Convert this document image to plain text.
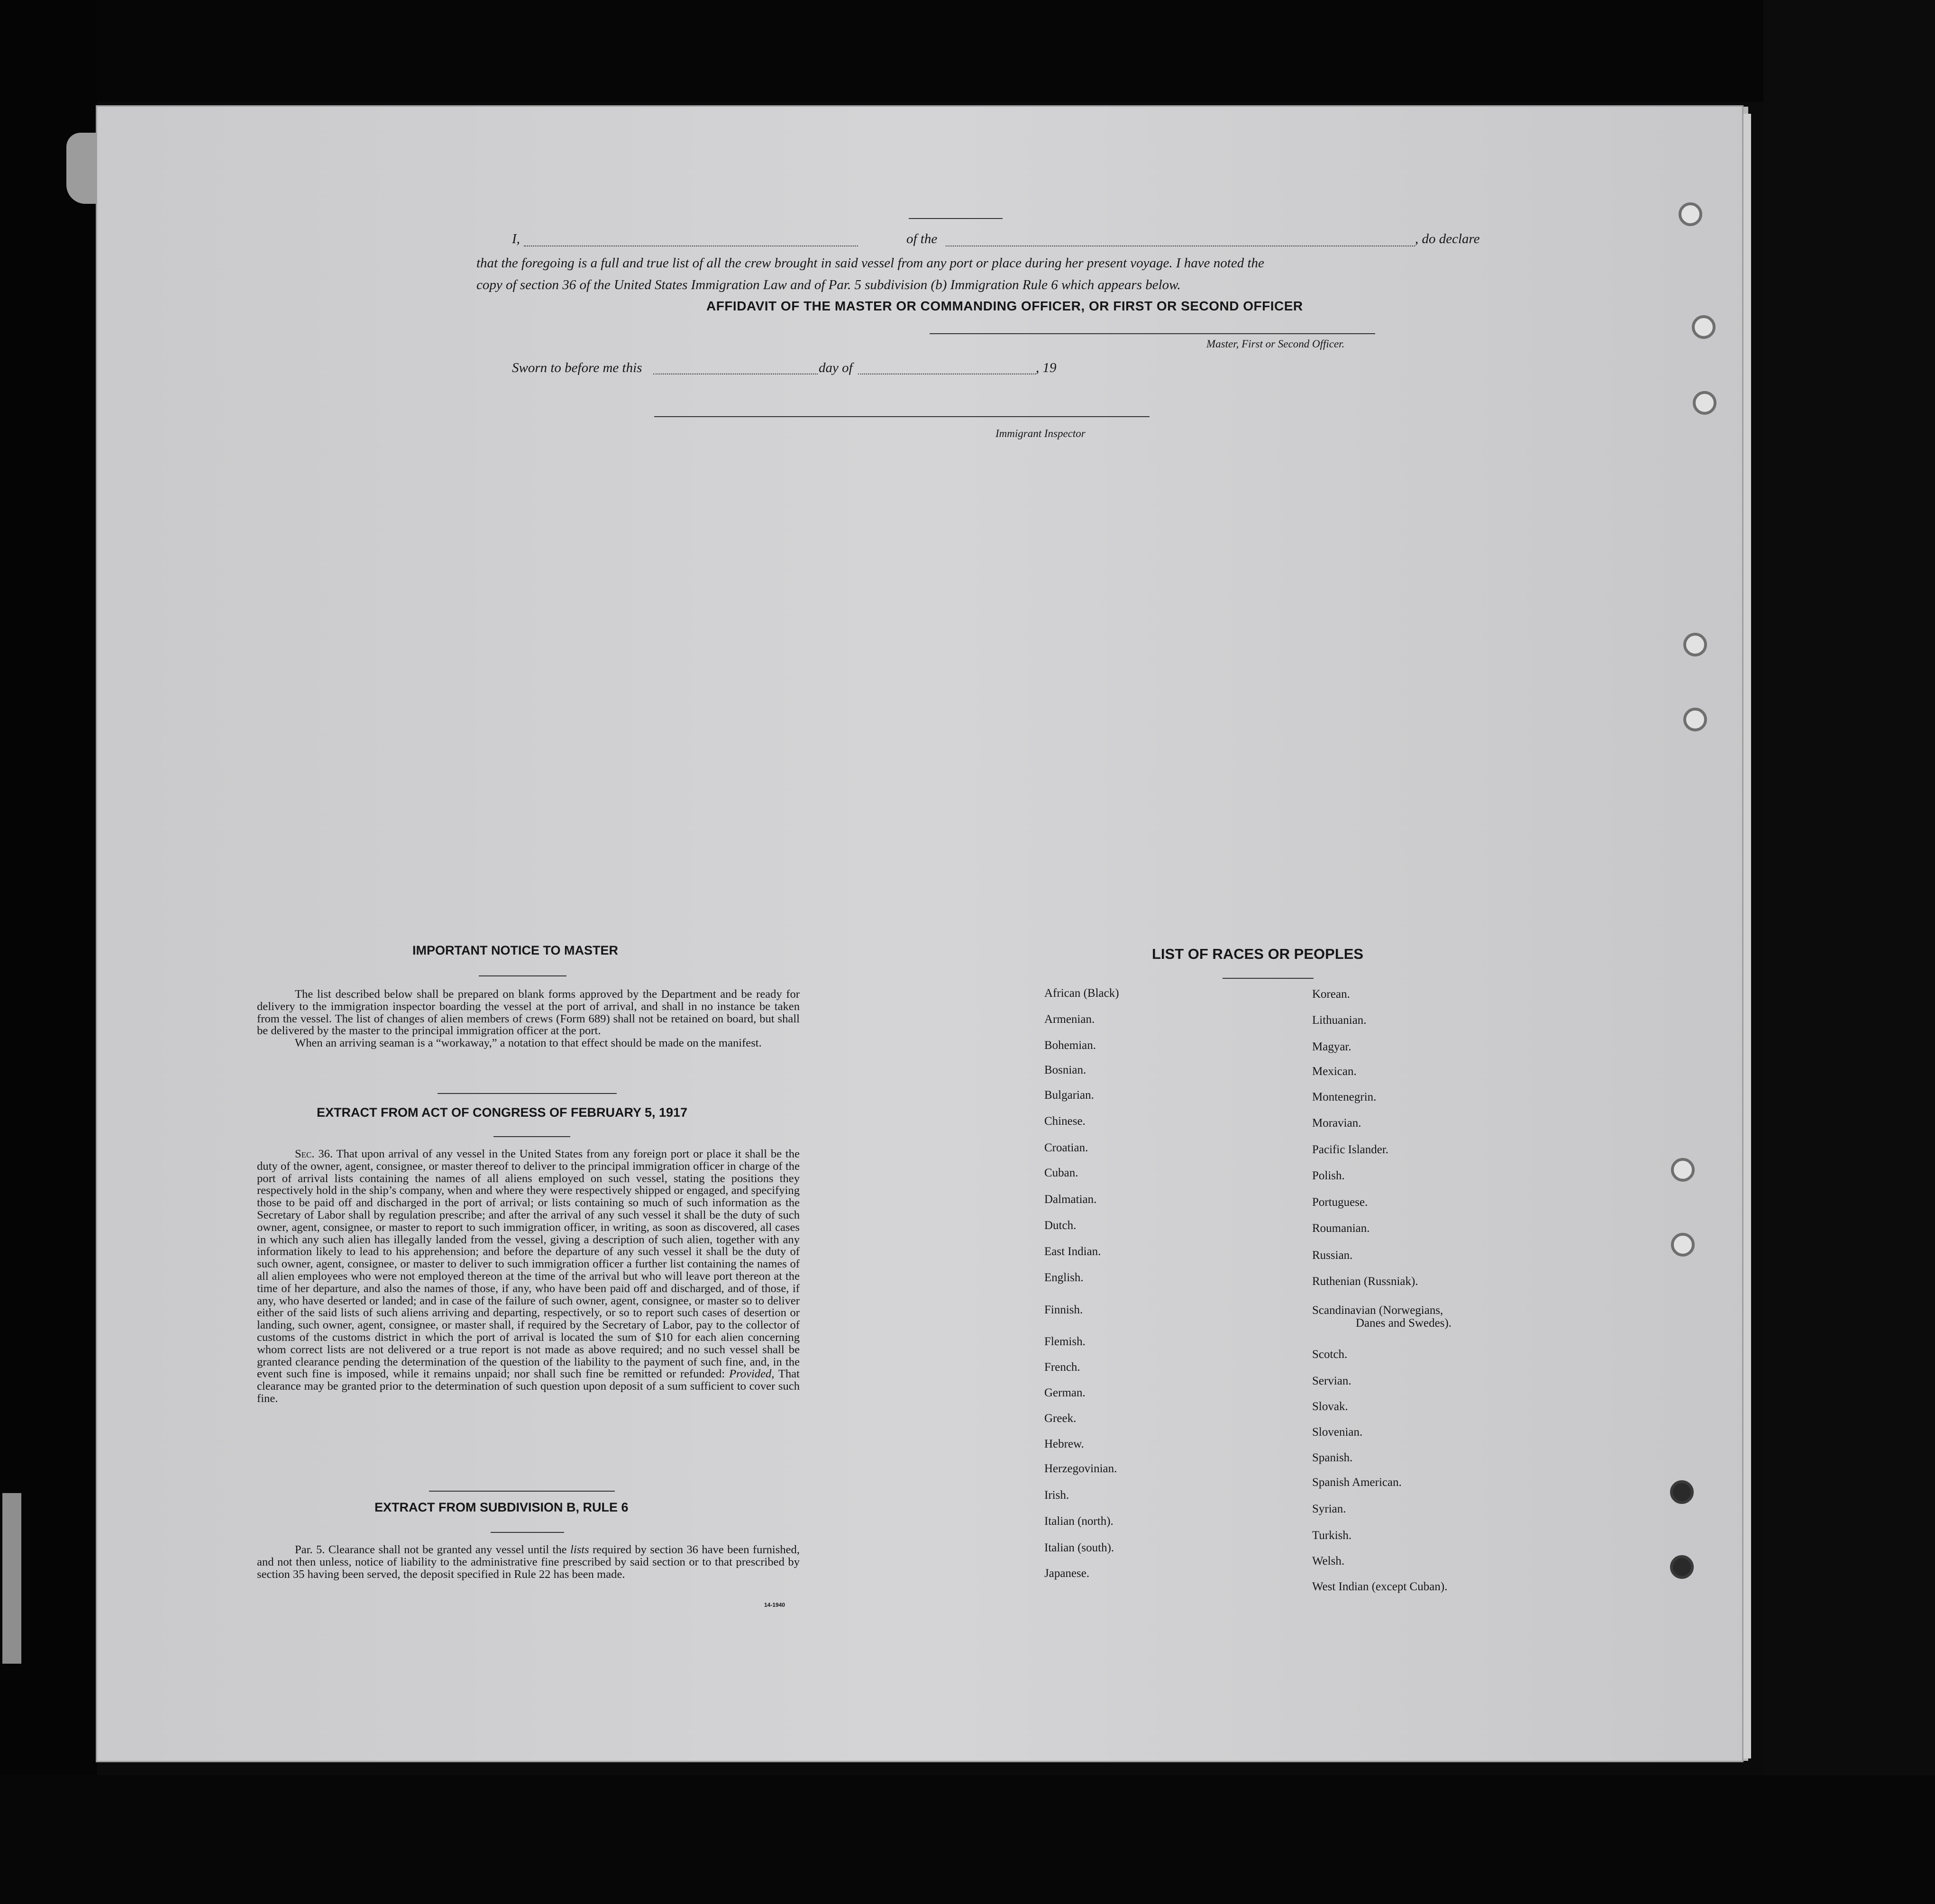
AFFIDAVIT OF THE MASTER OR COMMANDING OFFICER, OR FIRST OR SECOND OFFICER
I,	of the	, do declare
that the foregoing is a full and true list of all the crew brought in said vessel from any port or place during her present voyage. I have noted the
copy of section 36 of the United States Immigration Law and of Par. 5 subdivision (b) Immigration Rule 6 which appears below.
Master, First or Second Officer.
Sworn to before me this	day of	, 19
Immigrant Inspector
IMPORTANT NOTICE TO MASTER

The list described below shall be prepared on blank forms approved by the Department and be ready for delivery to the immigration inspector boarding the vessel at the port of arrival, and shall in no instance be taken from the vessel. The list of changes of alien members of crews (Form 689) shall not be retained on board, but shall be delivered by the master to the principal immigration officer at the port.

When an arriving seaman is a “workaway,” a notation to that effect should be made on the manifest.

EXTRACT FROM ACT OF CONGRESS OF FEBRUARY 5, 1917

Sec. 36. That upon arrival of any vessel in the United States from any foreign port or place it shall be the duty of the owner, agent, consignee, or master thereof to deliver to the principal immigration officer in charge of the port of arrival lists containing the names of all aliens employed on such vessel, stating the positions they respectively hold in the ship’s company, when and where they were respectively shipped or engaged, and specifying those to be paid off and discharged in the port of arrival; or lists containing so much of such information as the Secretary of Labor shall by regulation prescribe; and after the arrival of any such vessel it shall be the duty of such owner, agent, consignee, or master to report to such immigration officer, in writing, as soon as discovered, all cases in which any such alien has illegally landed from the vessel, giving a description of such alien, together with any information likely to lead to his apprehension; and before the departure of any such vessel it shall be the duty of such owner, agent, consignee, or master to deliver to such immigration officer a further list containing the names of all alien employees who were not employed thereon at the time of the arrival but who will leave port thereon at the time of her departure, and also the names of those, if any, who have been paid off and discharged, and of those, if any, who have deserted or landed; and in case of the failure of such owner, agent, consignee, or master so to deliver either of the said lists of such aliens arriving and departing, respectively, or so to report such cases of desertion or landing, such owner, agent, consignee, or master shall, if required by the Secretary of Labor, pay to the collector of customs of the customs district in which the port of arrival is located the sum of $10 for each alien concerning whom correct lists are not delivered or a true report is not made as above required; and no such vessel shall be granted clearance pending the determination of the question of the liability to the payment of such fine, and, in the event such fine is imposed, while it remains unpaid; nor shall such fine be remitted or refunded: Provided, That clearance may be granted prior to the determination of such question upon deposit of a sum sufficient to cover such fine.

EXTRACT FROM SUBDIVISION B, RULE 6

Par. 5. Clearance shall not be granted any vessel until the lists required by section 36 have been furnished, and not then unless, notice of liability to the administrative fine prescribed by said section or to that prescribed by section 35 having been served, the deposit specified in Rule 22 has been made.

14-1940
LIST OF RACES OR PEOPLES
African (Black)
Armenian.
Bohemian.
Bosnian.
Bulgarian.
Chinese.
Croatian.
Cuban.
Dalmatian.
Dutch.
East Indian.
English.
Finnish.
Flemish.
French.
German.
Greek.
Hebrew.
Herzegovinian.
Irish.
Italian (north).
Italian (south).
Japanese.
Korean.
Lithuanian.
Magyar.
Mexican.
Montenegrin.
Moravian.
Pacific Islander.
Polish.
Portuguese.
Roumanian.
Russian.
Ruthenian (Russniak).
Scandinavian (Norwegians,
Danes and Swedes).
Scotch.
Servian.
Slovak.
Slovenian.
Spanish.
Spanish American.
Syrian.
Turkish.
Welsh.
West Indian (except Cuban).
